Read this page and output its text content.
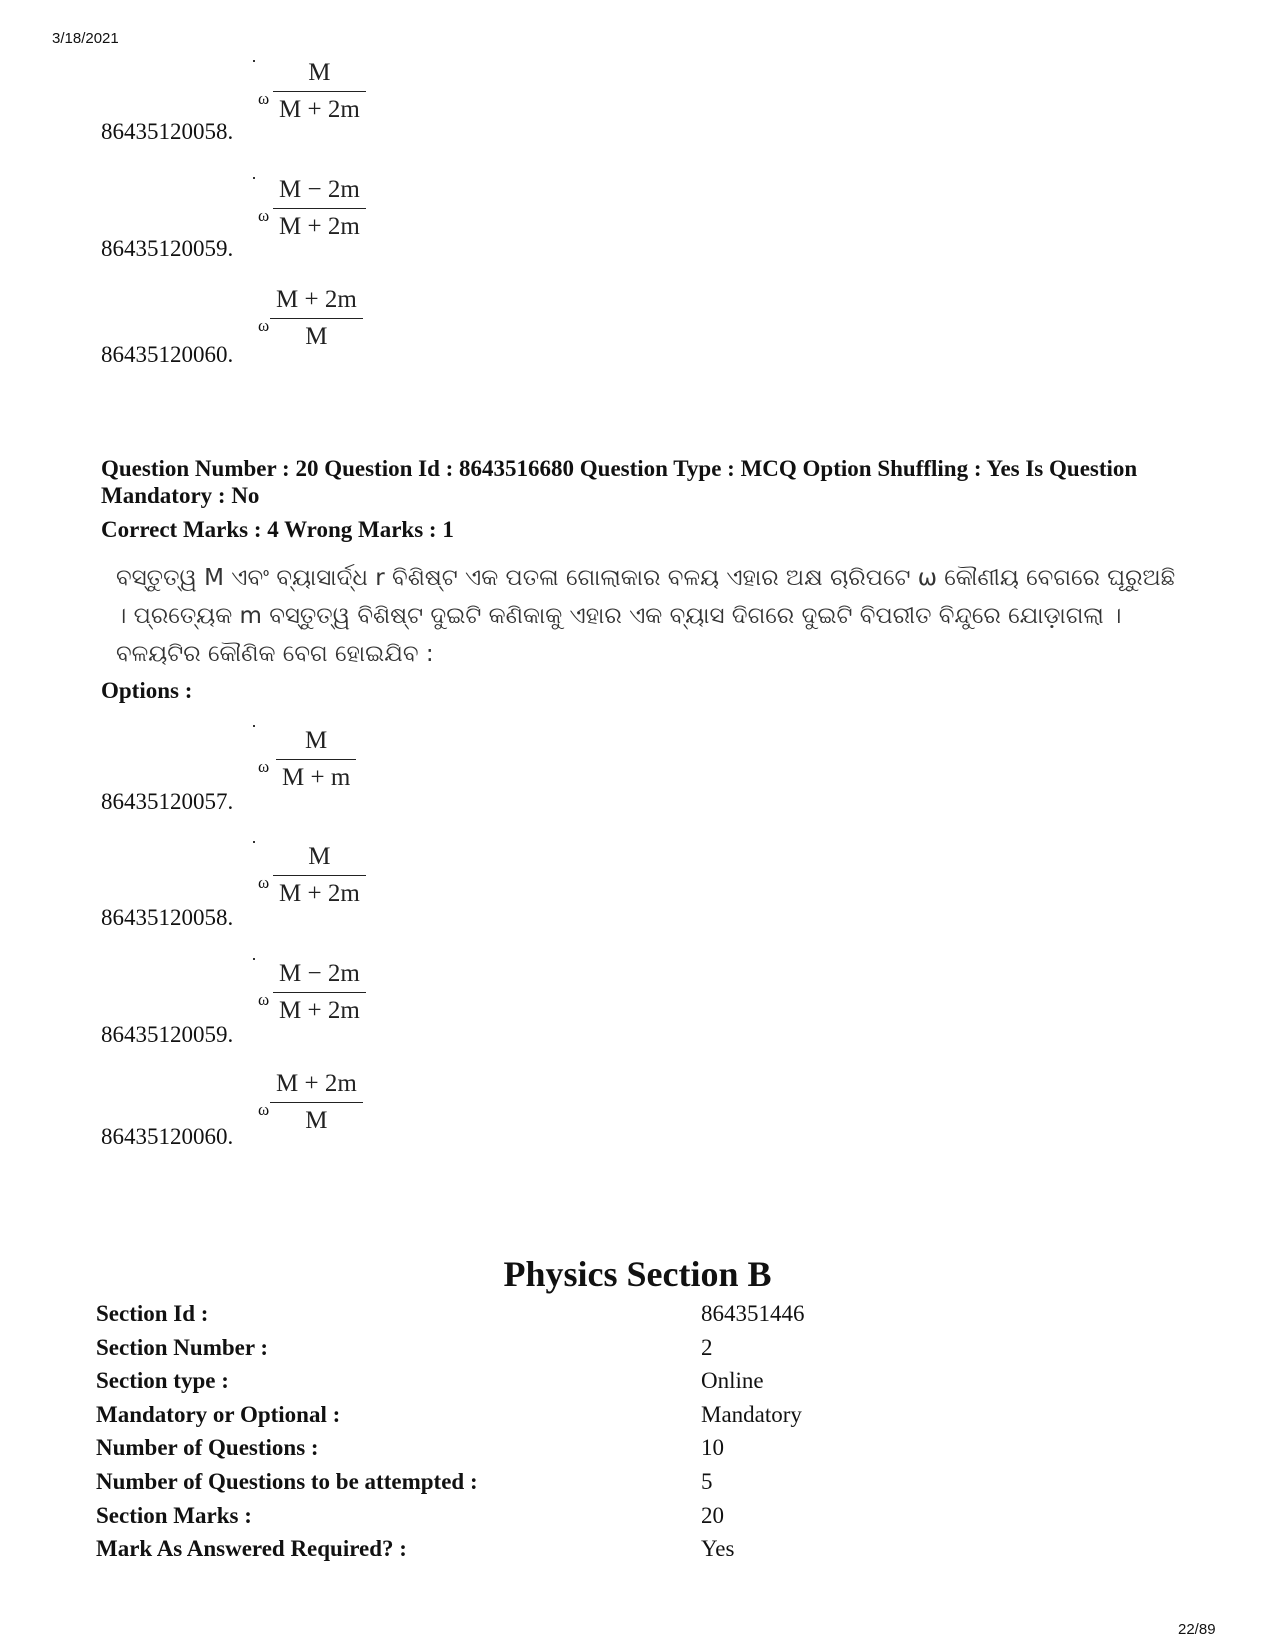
3/18/2021
ω $\frac{M}{M + 2m}$
86435120058.
ω $\frac{M - 2m}{M + 2m}$
86435120059.
ω $\frac{M + 2m}{M}$
86435120060.
Question Number : 20 Question Id : 8643516680 Question Type : MCQ Option Shuffling : Yes Is Question Mandatory : No
Correct Marks : 4 Wrong Marks : 1
ବସ୍ତୁତ୍ୱ M ଏବଂ ବ୍ୟାସାର୍ଦ୍ଧ r ବିଶିଷ୍ଟ ଏକ ପତଳା ଗୋଲାକାର ବଳୟ ଏହାର ଅକ୍ଷ ଚାରିପଟେ ω କୌଣୀୟ ବେଗରେ ଘୂରୁଅଛି । ପ୍ରତ୍ୟେକ m ବସ୍ତୁତ୍ୱ ବିଶିଷ୍ଟ ଦୁଇଟି କଣିକାକୁ ଏହାର ଏକ ବ୍ୟାସ ଦିଗରେ ଦୁଇଟି ବିପରୀତ ବିନ୍ଦୁରେ ଯୋଡ଼ାଗଲା । ବଳୟଟିର କୌଣିକ ବେଗ ହୋଇଯିବ :
Options :
ω $\frac{M}{M + m}$
86435120057.
ω $\frac{M}{M + 2m}$
86435120058.
ω $\frac{M - 2m}{M + 2m}$
86435120059.
ω $\frac{M + 2m}{M}$
86435120060.
Physics Section B
Section Id :	864351446
Section Number :	2
Section type :	Online
Mandatory or Optional :	Mandatory
Number of Questions :	10
Number of Questions to be attempted :	5
Section Marks :	20
Mark As Answered Required? :	Yes
22/89
